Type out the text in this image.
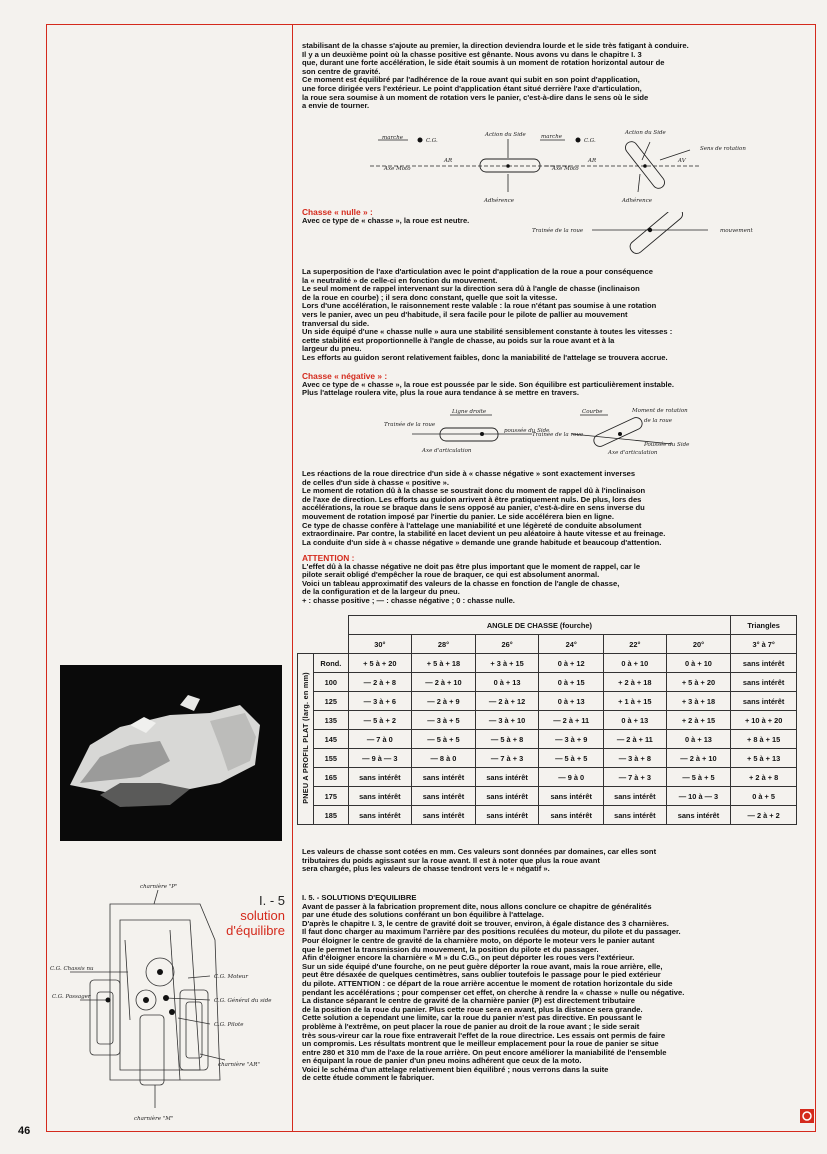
stabilisant de la chasse s'ajoute au premier, la direction deviendra lourde et le side très fatigant à conduire.

Il y a un deuxième point où la chasse positive est gênante. Nous avons vu dans le chapitre I. 3

que, durant une forte accélération, le side était soumis à un moment de rotation horizontal autour de

son centre de gravité.

Ce moment est équilibré par l'adhérence de la roue avant qui subit en son point d'application,

une force dirigée vers l'extérieur. Le point d'application étant situé derrière l'axe d'articulation,

la roue sera soumise à un moment de rotation vers le panier, c'est-à-dire dans le sens où le side

a envie de tourner.

marche	C.G.
Action du Side
Axe Moto
AR
Adhérence
marche
C.G.
Action du Side
Sens de rotation
Axe Moto
AR	AV
Adhérence

Chasse « nulle » :

Avec ce type de « chasse », la roue est neutre.

Trainée de la roue	mouvement

La superposition de l'axe d'articulation avec le point d'application de la roue a pour conséquence

la « neutralité » de celle-ci en fonction du mouvement.

Le seul moment de rappel intervenant sur la direction sera dû à l'angle de chasse (inclinaison

de la roue en courbe) ; il sera donc constant, quelle que soit la vitesse.

Lors d'une accélération, le raisonnement reste valable : la roue n'étant pas soumise à une rotation

vers le panier, avec un peu d'habitude, il sera facile pour le pilote de pallier au mouvement

tranversal du side.

Un side équipé d'une « chasse nulle » aura une stabilité sensiblement constante à toutes les vitesses :

cette stabilité est proportionnelle à l'angle de chasse, au poids sur la roue avant et à la

largeur du pneu.

Les efforts au guidon seront relativement faibles, donc la maniabilité de l'attelage se trouvera accrue.

Chasse « négative » :

Avec ce type de « chasse », la roue est poussée par le side. Son équilibre est particulièrement instable.

Plus l'attelage roulera vite, plus la roue aura tendance à se mettre en travers.

Ligne droite
Trainée de la roue
poussée du Side
Axe d'articulation
Courbe	Moment de rotation
de la roue
Trainée de la roue
Poussée du Side
Axe d'articulation

Les réactions de la roue directrice d'un side à « chasse négative » sont exactement inverses

de celles d'un side à chasse « positive ».

Le moment de rotation dû à la chasse se soustrait donc du moment de rappel dû à l'inclinaison

de l'axe de direction. Les efforts au guidon arrivent à être pratiquement nuls. De plus, lors des

accélérations, la roue se braque dans le sens opposé au panier, c'est-à-dire en sens inverse du

mouvement de rotation imposé par l'inertie du panier. Le side accélérera bien en ligne.

Ce type de chasse confère à l'attelage une maniabilité et une légèreté de conduite absolument

extraordinaire. Par contre, la stabilité en lacet devient un peu aléatoire à haute vitesse et au freinage.

La conduite d'un side à « chasse négative » demande une grande habitude et beaucoup d'attention.

ATTENTION :

L'effet dû à la chasse négative ne doit pas être plus important que le moment de rappel, car le

pilote serait obligé d'empêcher la roue de braquer, ce qui est absolument anormal.

Voici un tableau approximatif des valeurs de la chasse en fonction de l'angle de chasse,

de la configuration et de la largeur du pneu.

+ : chasse positive ; — : chasse négative ; 0 : chasse nulle.

		ANGLE DE CHASSE (fourche)						Triangles
		30°	28°	26°	24°	22°	20°	3° à 7°
PNEU A PROFIL PLAT (larg. en mm)	Rond.	+ 5 à + 20	+ 5 à + 18	+ 3 à + 15	0 à + 12	0 à + 10	0 à + 10	sans intérêt
	100	— 2 à + 8	— 2 à + 10	0 à + 13	0 à + 15	+ 2 à + 18	+ 5 à + 20	sans intérêt
	125	— 3 à + 6	— 2 à + 9	— 2 à + 12	0 à + 13	+ 1 à + 15	+ 3 à + 18	sans intérêt
	135	— 5 à + 2	— 3 à + 5	— 3 à + 10	— 2 à + 11	0 à + 13	+ 2 à + 15	+ 10 à + 20
	145	— 7 à 0	— 5 à + 5	— 5 à + 8	— 3 à + 9	— 2 à + 11	0 à + 13	+ 8 à + 15
	155	— 9 à — 3	— 8 à 0	— 7 à + 3	— 5 à + 5	— 3 à + 8	— 2 à + 10	+ 5 à + 13
	165	sans intérêt	sans intérêt	sans intérêt	— 9 à 0	— 7 à + 3	— 5 à + 5	+ 2 à + 8
	175	sans intérêt	sans intérêt	sans intérêt	sans intérêt	sans intérêt	— 10 à — 3	0 à + 5
	185	sans intérêt	sans intérêt	sans intérêt	sans intérêt	sans intérêt	sans intérêt	— 2 à + 2

Les valeurs de chasse sont cotées en mm. Ces valeurs sont données par domaines, car elles sont

tributaires du poids agissant sur la roue avant. Il est à noter que plus la roue avant

sera chargée, plus les valeurs de chasse tendront vers le « négatif ».

I. 5. - SOLUTIONS D'EQUILIBRE

Avant de passer à la fabrication proprement dite, nous allons conclure ce chapitre de généralités

par une étude des solutions conférant un bon équilibre à l'attelage.

D'après le chapitre I. 3, le centre de gravité doit se trouver, environ, à égale distance des 3 charnières.

Il faut donc charger au maximum l'arrière par des positions reculées du moteur, du pilote et du passager.

Pour éloigner le centre de gravité de la charnière moto, on déporte le moteur vers le panier autant

que le permet la transmission du mouvement, la position du pilote et du passager.

Afin d'éloigner encore la charnière « M » du C.G., on peut déporter les roues vers l'extérieur.

Sur un side équipé d'une fourche, on ne peut guère déporter la roue avant, mais la roue arrière, elle,

peut être désaxée de quelques centimètres, sans oublier toutefois le passage pour le pied extérieur

du pilote. ATTENTION : ce départ de la roue arrière accentue le moment de rotation horizontale du side

pendant les accélérations ; pour compenser cet effet, on cherche à rendre la « chasse » nulle ou négative.

La distance séparant le centre de gravité de la charnière panier (P) est directement tributaire

de la position de la roue du panier. Plus cette roue sera en avant, plus la distance sera grande.

Cette solution a cependant une limite, car la roue du panier n'est pas directive. En poussant le

problème à l'extrême, on peut placer la roue de panier au droit de la roue avant ; le side serait

très sous-vireur car la roue fixe entraverait l'effet de la roue directrice. Les essais ont permis de faire

un compromis. Les résultats montrent que le meilleur emplacement pour la roue de panier se situe

entre 280 et 310 mm de l'axe de la roue arrière. On peut encore améliorer la maniabilité de l'ensemble

en équipant la roue de panier d'un pneu moins adhérent que ceux de la moto.

Voici le schéma d'un attelage relativement bien équilibré ; nous verrons dans la suite

de cette étude comment le fabriquer.

I. - 5
solution
d'équilibre
charnière "P"
C.G. Chassis nu
C.G. Moteur
C.G. Passager
C.G. Général du side
C.G. Pilote
charnière "AR"
charnière "M"
46
